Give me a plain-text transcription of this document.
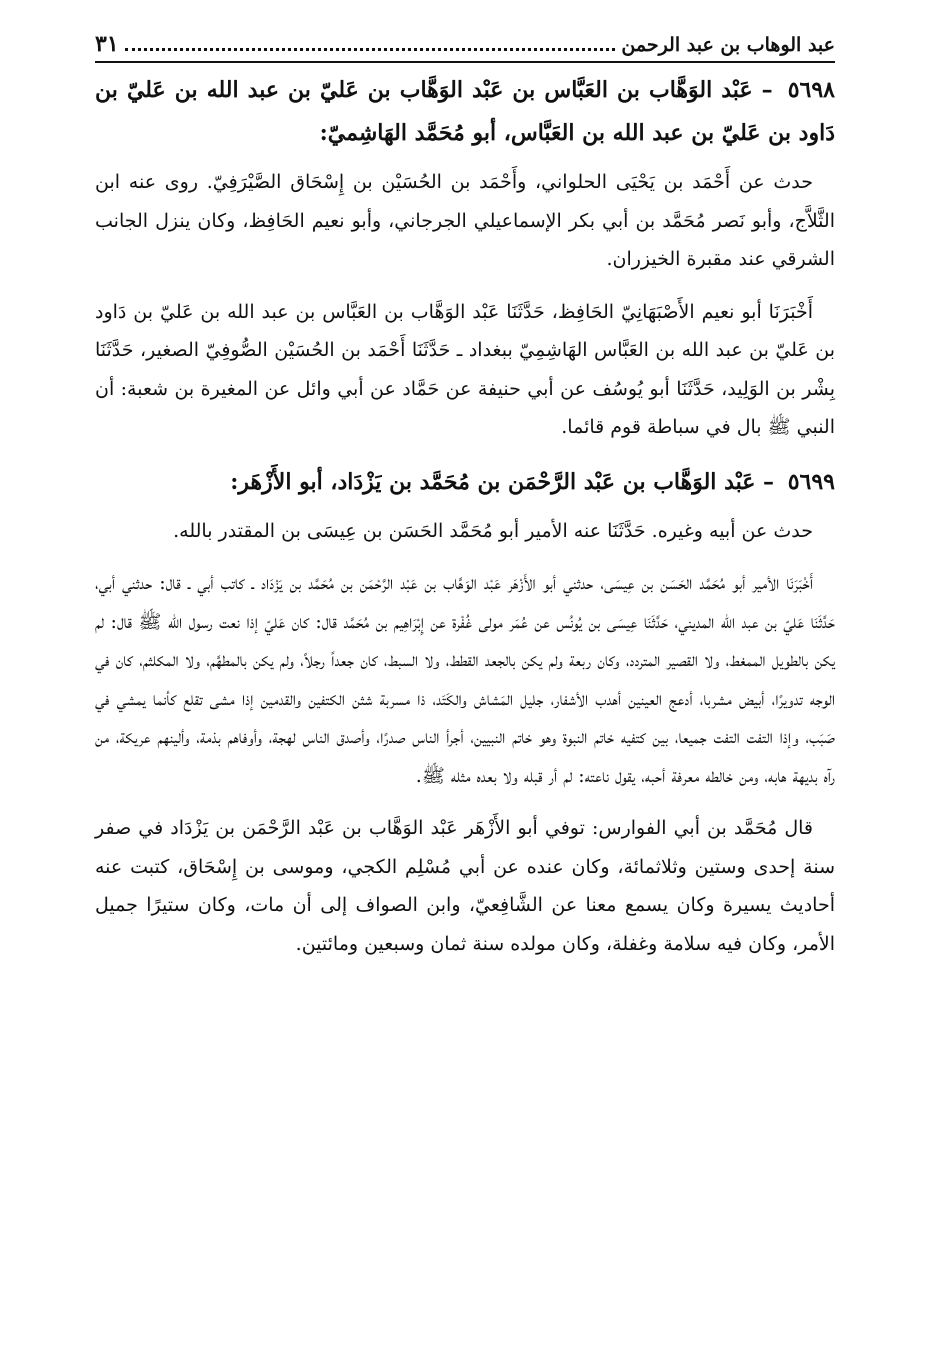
عبد الوهاب بن عبد الرحمن
٣١
٥٦٩٨ – عَبْد الوَهَّاب بن العَبَّاس بن عَبْد الوَهَّاب بن عَليّ بن عبد الله بن عَليّ بن دَاود بن عَليّ بن عبد الله بن العَبَّاس، أبو مُحَمَّد الهَاشِميّ:

حدث عن أَحْمَد بن يَحْيَى الحلواني، وأَحْمَد بن الحُسَيْن بن إِسْحَاق الصَّيْرَفِيّ. روى عنه ابن الثَّلاَّج، وأبو نَصر مُحَمَّد بن أبي بكر الإسماعيلي الجرجاني، وأبو نعيم الحَافِظ، وكان ينزل الجانب الشرقي عند مقبرة الخيزران.

أَخْبَرَنَا أبو نعيم الأَصْبَهَانِيّ الحَافِظ، حَدَّثَنَا عَبْد الوَهَّاب بن العَبَّاس بن عبد الله بن عَليّ بن دَاود بن عَليّ بن عبد الله بن العَبَّاس الهَاشِمِيّ ببغداد ـ حَدَّثَنَا أَحْمَد بن الحُسَيْن الصُّوفِيّ الصغير، حَدَّثَنَا بِشْر بن الوَلِيد، حَدَّثَنَا أبو يُوسُف عن أبي حنيفة عن حَمَّاد عن أبي وائل عن المغيرة بن شعبة: أن النبي ﷺ بال في سباطة قوم قائما.

٥٦٩٩ – عَبْد الوَهَّاب بن عَبْد الرَّحْمَن بن مُحَمَّد بن يَزْدَاد، أبو الأَزْهَر:

حدث عن أبيه وغيره. حَدَّثَنَا عنه الأمير أبو مُحَمَّد الحَسَن بن عِيسَى بن المقتدر بالله.

أَخْبَرَنَا الأمير أبو مُحَمَّد الحَسَن بن عِيسَى، حدثني أبو الأَزْهَر عَبْد الوَهَّاب بن عَبْد الرَّحْمَن بن مُحَمَّد بن يَزْدَاد ـ كاتب أبي ـ قال: حدثني أبي، حَدَّثَنَا عَليّ بن عبد الله المديني، حَدَّثَنَا عِيسَى بن يُونُس عن عُمَر مولى غُفْرة عن إِبْرَاهِيم بن مُحَمَّد قال: كان عَليّ إذا نعت رسول الله ﷺ قال: لم يكن بالطويل الممغط، ولا القصير المتردد، وكان ربعة ولم يكن بالجعد القطط، ولا السبط، كان جعداً رجلاً، ولم يكن بالمطهَّم، ولا المكلثم، كان في الوجه تدويرًا، أبيض مشربا، أدعج العينين أهدب الأشفار، جليل المَشاش والكَتَد، ذا مسربة شثن الكتفين والقدمين إذا مشى تقلع كأنما يمشي في صَبَب، وإذا التفت التفت جميعا، بين كتفيه خاتم النبوة وهو خاتم النبيين، أجرأ الناس صدرًا، وأصدق الناس لهجة، وأوفاهم بذمة، وألينهم عريكة، من رآه بديهة هابه، ومن خالطه معرفة أحبه، يقول ناعته: لم أر قبله ولا بعده مثله ﷺ.

قال مُحَمَّد بن أبي الفوارس: توفي أبو الأَزْهَر عَبْد الوَهَّاب بن عَبْد الرَّحْمَن بن يَزْدَاد في صفر سنة إحدى وستين وثلاثمائة، وكان عنده عن أبي مُسْلِم الكجي، وموسى بن إِسْحَاق، كتبت عنه أحاديث يسيرة وكان يسمع معنا عن الشَّافِعيّ، وابن الصواف إلى أن مات، وكان ستيرًا جميل الأمر، وكان فيه سلامة وغفلة، وكان مولده سنة ثمان وسبعين ومائتين.
